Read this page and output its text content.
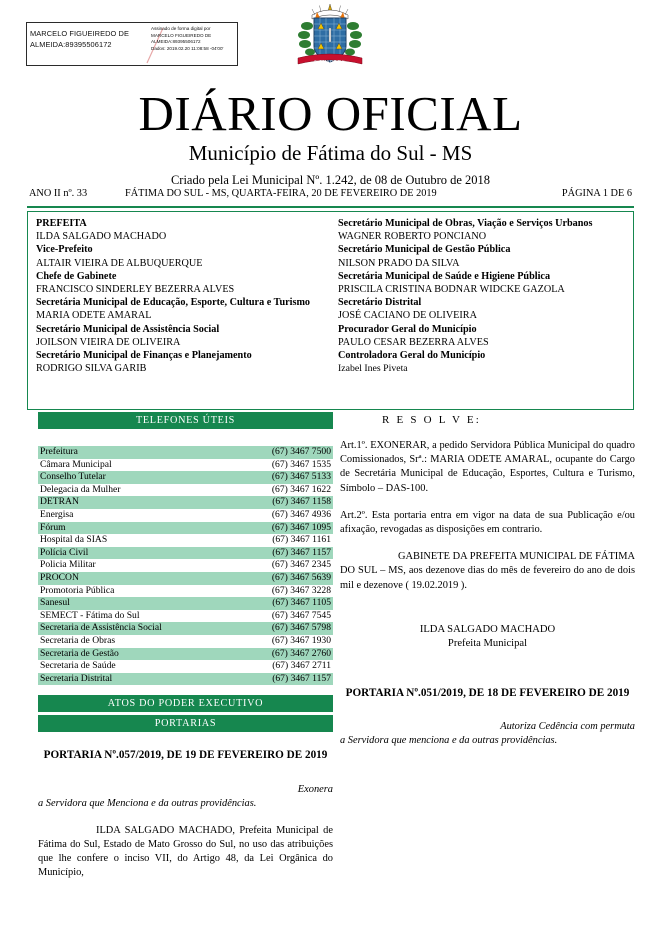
MARCELO FIGUEIREDO DE
ALMEIDA:89395506172
Assinado de forma digital por
MARCELO FIGUEIREDO DE
ALMEIDA:89395506172
Dados: 2019.02.20 11:08:58 -04'00'
FATIMA DO SUL
DIÁRIO OFICIAL
Município de Fátima do Sul - MS
Criado pela Lei Municipal Nº. 1.242, de 08 de Outubro de 2018
ANO II nº. 33	FÁTIMA DO SUL - MS, QUARTA-FEIRA, 20 DE FEVEREIRO DE 2019	PÁGINA 1 DE 6
PREFEITA
ILDA SALGADO MACHADO
Vice-Prefeito
ALTAIR VIEIRA DE ALBUQUERQUE
Chefe de Gabinete
FRANCISCO SINDERLEY BEZERRA ALVES
Secretária Municipal de Educação, Esporte, Cultura e Turismo
MARIA ODETE AMARAL
Secretário Municipal de Assistência Social
JOILSON VIEIRA DE OLIVEIRA
Secretário Municipal de Finanças e Planejamento
RODRIGO SILVA GARIB
Secretário Municipal de Obras, Viação e Serviços Urbanos
WAGNER ROBERTO PONCIANO
Secretário Municipal de Gestão Pública
NILSON PRADO DA SILVA
Secretária Municipal de Saúde e Higiene Pública
PRISCILA CRISTINA BODNAR WIDCKE GAZOLA
Secretário Distrital
JOSÉ CACIANO DE OLIVEIRA
Procurador Geral do Município
PAULO CESAR BEZERRA ALVES
Controladora Geral do Município
Izabel Ines Piveta
TELEFONES ÚTEIS
Prefeitura	(67) 3467 7500
Câmara Municipal	(67) 3467 1535
Conselho Tutelar	(67) 3467 5133
Delegacia da Mulher	(67) 3467 1622
DETRAN	(67) 3467 1158
Energisa	(67) 3467 4936
Fórum	(67) 3467 1095
Hospital da SIAS	(67) 3467 1161
Polícia Civil	(67) 3467 1157
Policia Militar	(67) 3467 2345
PROCON	(67) 3467 5639
Promotoria Pública	(67) 3467 3228
Sanesul	(67) 3467 1105
SEMECT - Fátima do Sul	(67) 3467 7545
Secretaria de Assistência Social	(67) 3467 5798
Secretaria de Obras	(67) 3467 1930
Secretaria de Gestão	(67) 3467 2760
Secretaria de Saúde	(67) 3467 2711
Secretaria Distrital	(67) 3467 1157
ATOS DO PODER EXECUTIVO
PORTARIAS
PORTARIA Nº.057/2019, DE 19 DE FEVEREIRO DE 2019
Exonera
a Servidora que Menciona e da outras providências.
ILDA SALGADO MACHADO, Prefeita Municipal de Fátima do Sul, Estado de Mato Grosso do Sul, no uso das atribuições que lhe confere o inciso VII, do Artigo 48, da Lei Orgânica do Município,
R E S O L V E:
Art.1º. EXONERAR, a pedido Servidora Pública Municipal do quadro Comissionados, Srª.: MARIA ODETE AMARAL, ocupante do Cargo de Secretária Municipal de Educação, Esportes, Cultura e Turismo, Símbolo – DAS-100.
Art.2º. Esta portaria entra em vigor na data de sua Publicação e/ou afixação, revogadas as disposições em contrario.
GABINETE DA PREFEITA MUNICIPAL DE FÁTIMA DO SUL – MS, aos dezenove dias do mês de fevereiro do ano de dois mil e dezenove ( 19.02.2019 ).
ILDA SALGADO MACHADO
Prefeita Municipal
PORTARIA Nº.051/2019, DE 18 DE FEVEREIRO DE 2019
Autoriza Cedência com permuta
a Servidora que menciona e da outras providências.
